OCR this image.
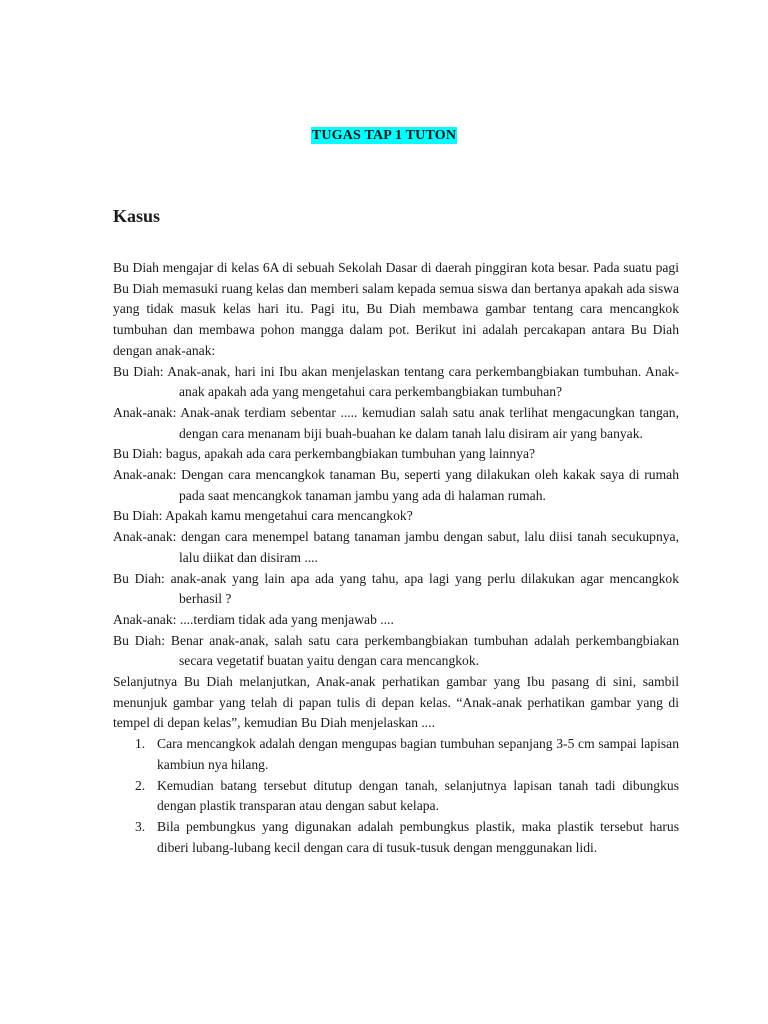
TUGAS TAP 1 TUTON
Kasus

Bu Diah mengajar di kelas 6A di sebuah Sekolah Dasar di daerah pinggiran kota besar. Pada suatu pagi Bu Diah memasuki ruang kelas dan memberi salam kepada semua siswa dan bertanya apakah ada siswa yang tidak masuk kelas hari itu. Pagi itu, Bu Diah membawa gambar tentang cara mencangkok tumbuhan dan membawa pohon mangga dalam pot. Berikut ini adalah percakapan antara Bu Diah dengan anak-anak:

Bu Diah: Anak-anak, hari ini Ibu akan menjelaskan tentang cara perkembangbiakan tumbuhan. Anak-anak apakah ada yang mengetahui cara perkembangbiakan tumbuhan?

Anak-anak: Anak-anak terdiam sebentar ..... kemudian salah satu anak terlihat mengacungkan tangan, dengan cara menanam biji buah-buahan ke dalam tanah lalu disiram air yang banyak.

Bu Diah: bagus, apakah ada cara perkembangbiakan tumbuhan yang lainnya?

Anak-anak: Dengan cara mencangkok tanaman Bu, seperti yang dilakukan oleh kakak saya di rumah pada saat mencangkok tanaman jambu yang ada di halaman rumah.

Bu Diah: Apakah kamu mengetahui cara mencangkok?

Anak-anak: dengan cara menempel batang tanaman jambu dengan sabut, lalu diisi tanah secukupnya, lalu diikat dan disiram ....

Bu Diah: anak-anak yang lain apa ada yang tahu, apa lagi yang perlu dilakukan agar mencangkok berhasil ?

Anak-anak: ....terdiam tidak ada yang menjawab ....

Bu Diah: Benar anak-anak, salah satu cara perkembangbiakan tumbuhan adalah perkembangbiakan secara vegetatif buatan yaitu dengan cara mencangkok.

Selanjutnya Bu Diah melanjutkan, Anak-anak perhatikan gambar yang Ibu pasang di sini, sambil menunjuk gambar yang telah di papan tulis di depan kelas. “Anak-anak perhatikan gambar yang di tempel di depan kelas”, kemudian Bu Diah menjelaskan ....

1. Cara mencangkok adalah dengan mengupas bagian tumbuhan sepanjang 3-5 cm sampai lapisan kambiun nya hilang.
2. Kemudian batang tersebut ditutup dengan tanah, selanjutnya lapisan tanah tadi dibungkus dengan plastik transparan atau dengan sabut kelapa.
3. Bila pembungkus yang digunakan adalah pembungkus plastik, maka plastik tersebut harus diberi lubang-lubang kecil dengan cara di tusuk-tusuk dengan menggunakan lidi.
